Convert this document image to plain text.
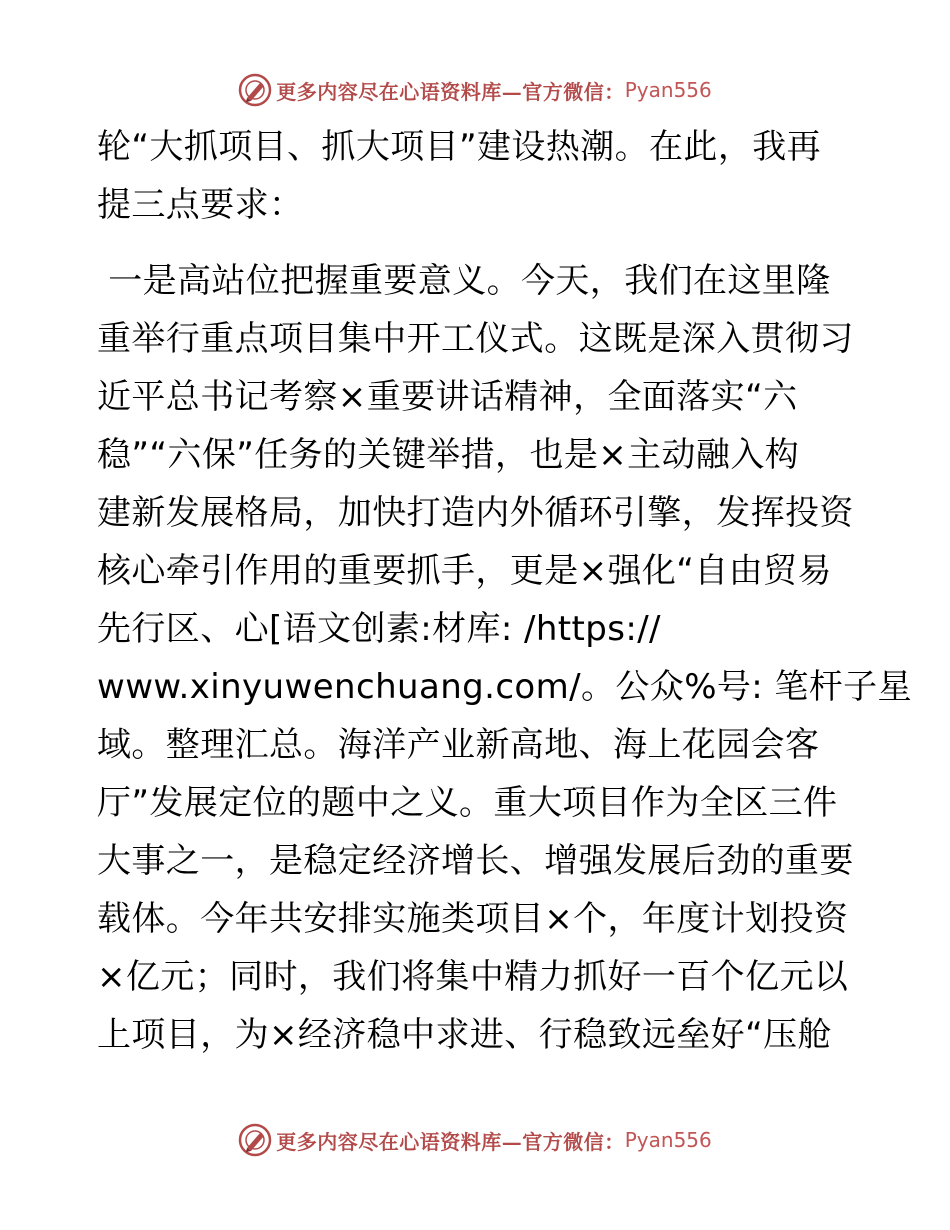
更多内容尽在心语资料库—官方微信： Pyan556
轮“大抓项目、抓大项目”建设热潮。在此，我再
提三点要求：
一是高站位把握重要意义。今天，我们在这里隆
重举行重点项目集中开工仪式。这既是深入贯彻习
近平总书记考察×重要讲话精神，全面落实“六
稳”“六保”任务的关键举措，也是×主动融入构
建新发展格局，加快打造内外循环引擎，发挥投资
核心牵引作用的重要抓手，更是×强化“自由贸易
先行区、心[语文创素:材库: /https://
www.xinyuwenchuang.com/。公众%号: 笔杆子星
域。整理汇总。海洋产业新高地、海上花园会客
厅”发展定位的题中之义。重大项目作为全区三件
大事之一，是稳定经济增长、增强发展后劲的重要
载体。今年共安排实施类项目×个，年度计划投资
×亿元；同时，我们将集中精力抓好一百个亿元以
上项目，为×经济稳中求进、行稳致远垒好“压舱
更多内容尽在心语资料库—官方微信： Pyan556
